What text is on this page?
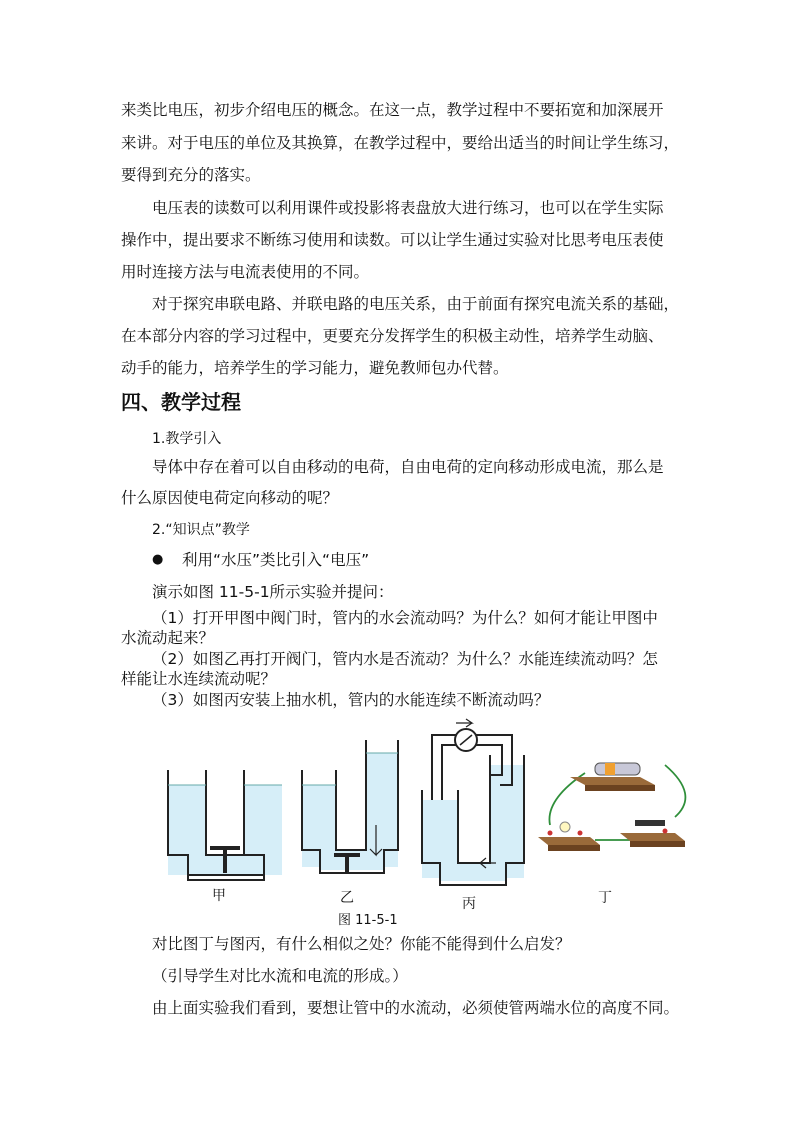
来类比电压，初步介绍电压的概念。在这一点，教学过程中不要拓宽和加深展开
来讲。对于电压的单位及其换算，在教学过程中，要给出适当的时间让学生练习，
要得到充分的落实。
电压表的读数可以利用课件或投影将表盘放大进行练习，也可以在学生实际
操作中，提出要求不断练习使用和读数。可以让学生通过实验对比思考电压表使
用时连接方法与电流表使用的不同。
对于探究串联电路、并联电路的电压关系，由于前面有探究电流关系的基础，
在本部分内容的学习过程中，更要充分发挥学生的积极主动性，培养学生动脑、
动手的能力，培养学生的学习能力，避免教师包办代替。
四、教学过程
1.教学引入
导体中存在着可以自由移动的电荷，自由电荷的定向移动形成电流，那么是
什么原因使电荷定向移动的呢？
2.“知识点”教学
● 利用“水压”类比引入“电压”
演示如图 11-5-1所示实验并提问：
（1）打开甲图中阀门时，管内的水会流动吗？为什么？如何才能让甲图中
水流动起来？
（2）如图乙再打开阀门，管内水是否流动？为什么？水能连续流动吗？怎
样能让水连续流动呢？
（3）如图丙安装上抽水机，管内的水能连续不断流动吗？
甲	乙	丙	丁
图 11-5-1
对比图丁与图丙，有什么相似之处？你能不能得到什么启发？
（引导学生对比水流和电流的形成。）
由上面实验我们看到，要想让管中的水流动，必须使管两端水位的高度不同。
